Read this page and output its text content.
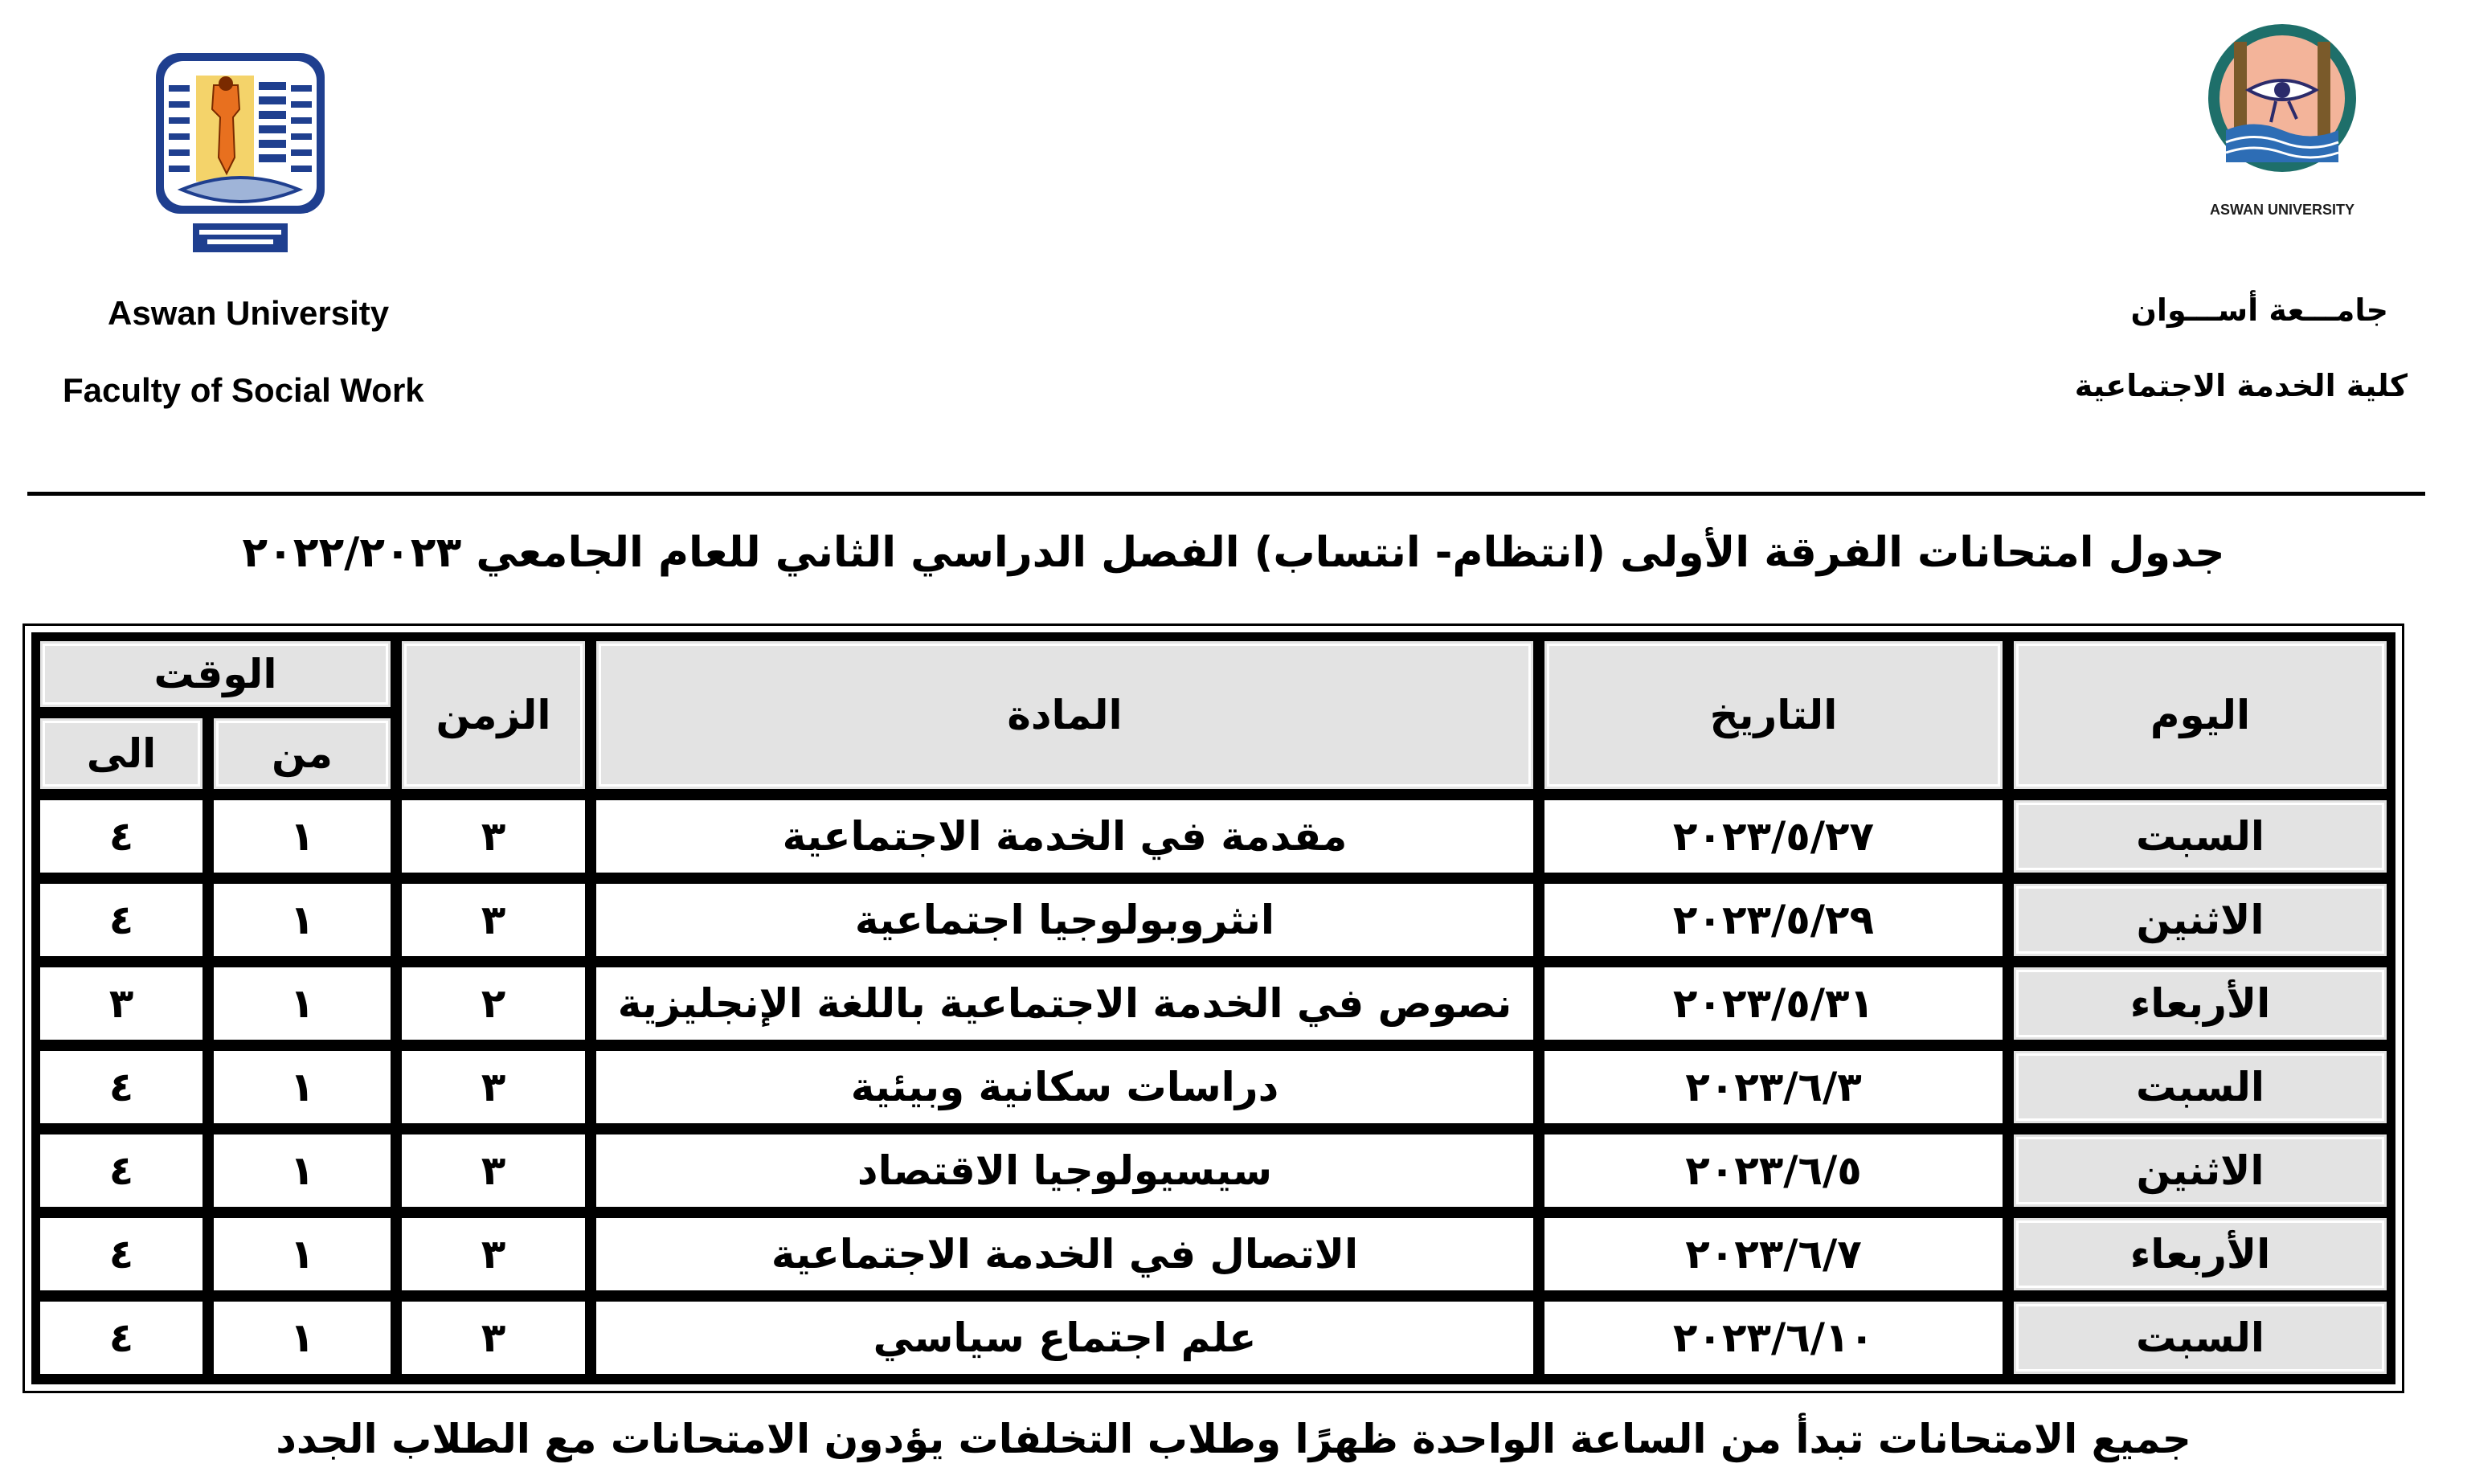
ASWAN UNIVERSITY
Aswan University
Faculty of Social Work
جامـــعة أســـوان
كلية الخدمة الاجتماعية
جدول امتحانات الفرقة الأولى (انتظام- انتساب) الفصل الدراسي الثاني للعام الجامعي ٢٠٢٢/٢٠٢٣
اليوم
التاريخ
المادة
الزمن
الوقت
من
الى
السبت
٢٠٢٣/٥/٢٧
مقدمة في الخدمة الاجتماعية
٣
١
٤
الاثنين
٢٠٢٣/٥/٢٩
انثروبولوجيا اجتماعية
٣
١
٤
الأربعاء
٢٠٢٣/٥/٣١
نصوص في الخدمة الاجتماعية باللغة الإنجليزية
٢
١
٣
السبت
٢٠٢٣/٦/٣
دراسات سكانية وبيئية
٣
١
٤
الاثنين
٢٠٢٣/٦/٥
سيسيولوجيا الاقتصاد
٣
١
٤
الأربعاء
٢٠٢٣/٦/٧
الاتصال في الخدمة الاجتماعية
٣
١
٤
السبت
٢٠٢٣/٦/١٠
علم اجتماع سياسي
٣
١
٤
جميع الامتحانات تبدأ من الساعة الواحدة ظهرًا وطلاب التخلفات يؤدون الامتحانات مع الطلاب الجدد
